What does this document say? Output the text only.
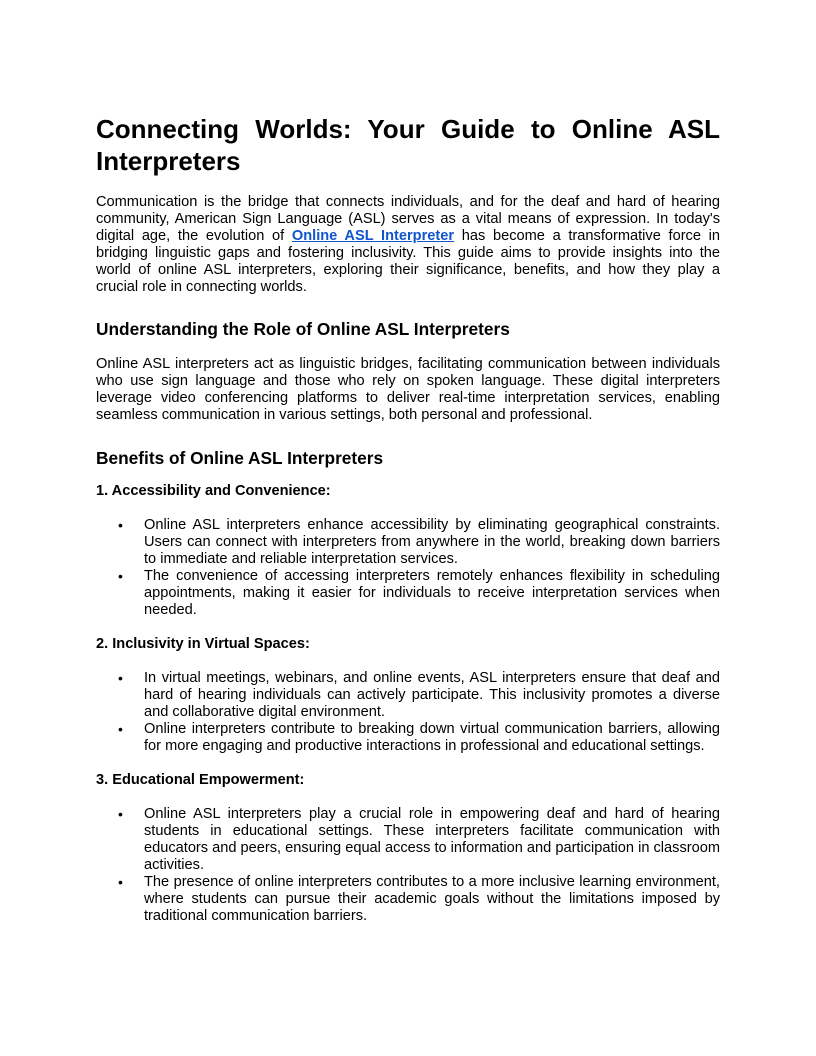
Connecting Worlds: Your Guide to Online ASL
Interpreters

Communication is the bridge that connects individuals, and for the deaf and hard of hearing community, American Sign Language (ASL) serves as a vital means of expression. In today's digital age, the evolution of Online ASL Interpreter has become a transformative force in bridging linguistic gaps and fostering inclusivity. This guide aims to provide insights into the world of online ASL interpreters, exploring their significance, benefits, and how they play a crucial role in connecting worlds.

Understanding the Role of Online ASL Interpreters

Online ASL interpreters act as linguistic bridges, facilitating communication between individuals who use sign language and those who rely on spoken language. These digital interpreters leverage video conferencing platforms to deliver real-time interpretation services, enabling seamless communication in various settings, both personal and professional.

Benefits of Online ASL Interpreters
1. Accessibility and Convenience:
• Online ASL interpreters enhance accessibility by eliminating geographical constraints. Users can connect with interpreters from anywhere in the world, breaking down barriers to immediate and reliable interpretation services.
• The convenience of accessing interpreters remotely enhances flexibility in scheduling appointments, making it easier for individuals to receive interpretation services when needed.
2. Inclusivity in Virtual Spaces:
• In virtual meetings, webinars, and online events, ASL interpreters ensure that deaf and hard of hearing individuals can actively participate. This inclusivity promotes a diverse and collaborative digital environment.
• Online interpreters contribute to breaking down virtual communication barriers, allowing for more engaging and productive interactions in professional and educational settings.
3. Educational Empowerment:
• Online ASL interpreters play a crucial role in empowering deaf and hard of hearing students in educational settings. These interpreters facilitate communication with educators and peers, ensuring equal access to information and participation in classroom activities.
• The presence of online interpreters contributes to a more inclusive learning environment, where students can pursue their academic goals without the limitations imposed by traditional communication barriers.
